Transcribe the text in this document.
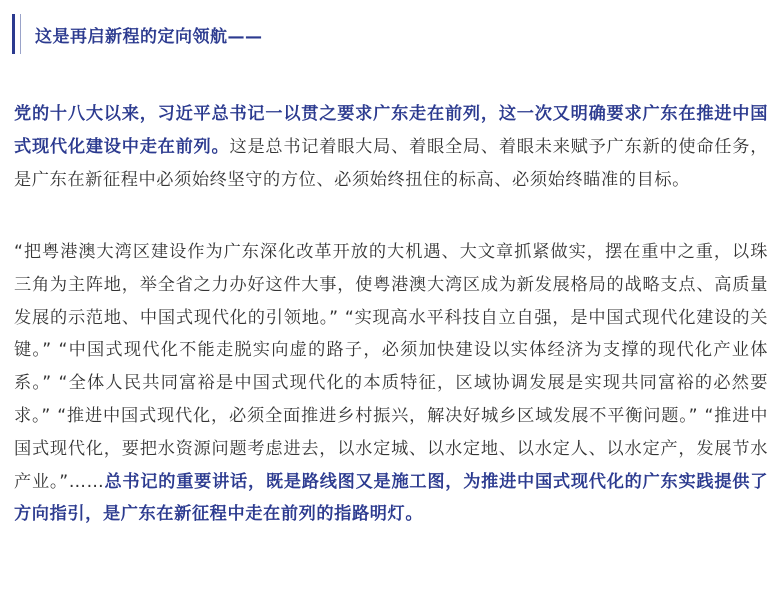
这是再启新程的定向领航——

党的十八大以来，习近平总书记一以贯之要求广东走在前列，这一次又明确要求广东在推进中国式现代化建设中走在前列。这是总书记着眼大局、着眼全局、着眼未来赋予广东新的使命任务，是广东在新征程中必须始终坚守的方位、必须始终扭住的标高、必须始终瞄准的目标。

“把粤港澳大湾区建设作为广东深化改革开放的大机遇、大文章抓紧做实，摆在重中之重，以珠三角为主阵地，举全省之力办好这件大事，使粤港澳大湾区成为新发展格局的战略支点、高质量发展的示范地、中国式现代化的引领地。” “实现高水平科技自立自强，是中国式现代化建设的关键。” “中国式现代化不能走脱实向虚的路子，必须加快建设以实体经济为支撑的现代化产业体系。” “全体人民共同富裕是中国式现代化的本质特征，区域协调发展是实现共同富裕的必然要求。” “推进中国式现代化，必须全面推进乡村振兴，解决好城乡区域发展不平衡问题。” “推进中国式现代化，要把水资源问题考虑进去，以水定城、以水定地、以水定人、以水定产，发展节水产业。”……总书记的重要讲话，既是路线图又是施工图，为推进中国式现代化的广东实践提供了方向指引，是广东在新征程中走在前列的指路明灯。
